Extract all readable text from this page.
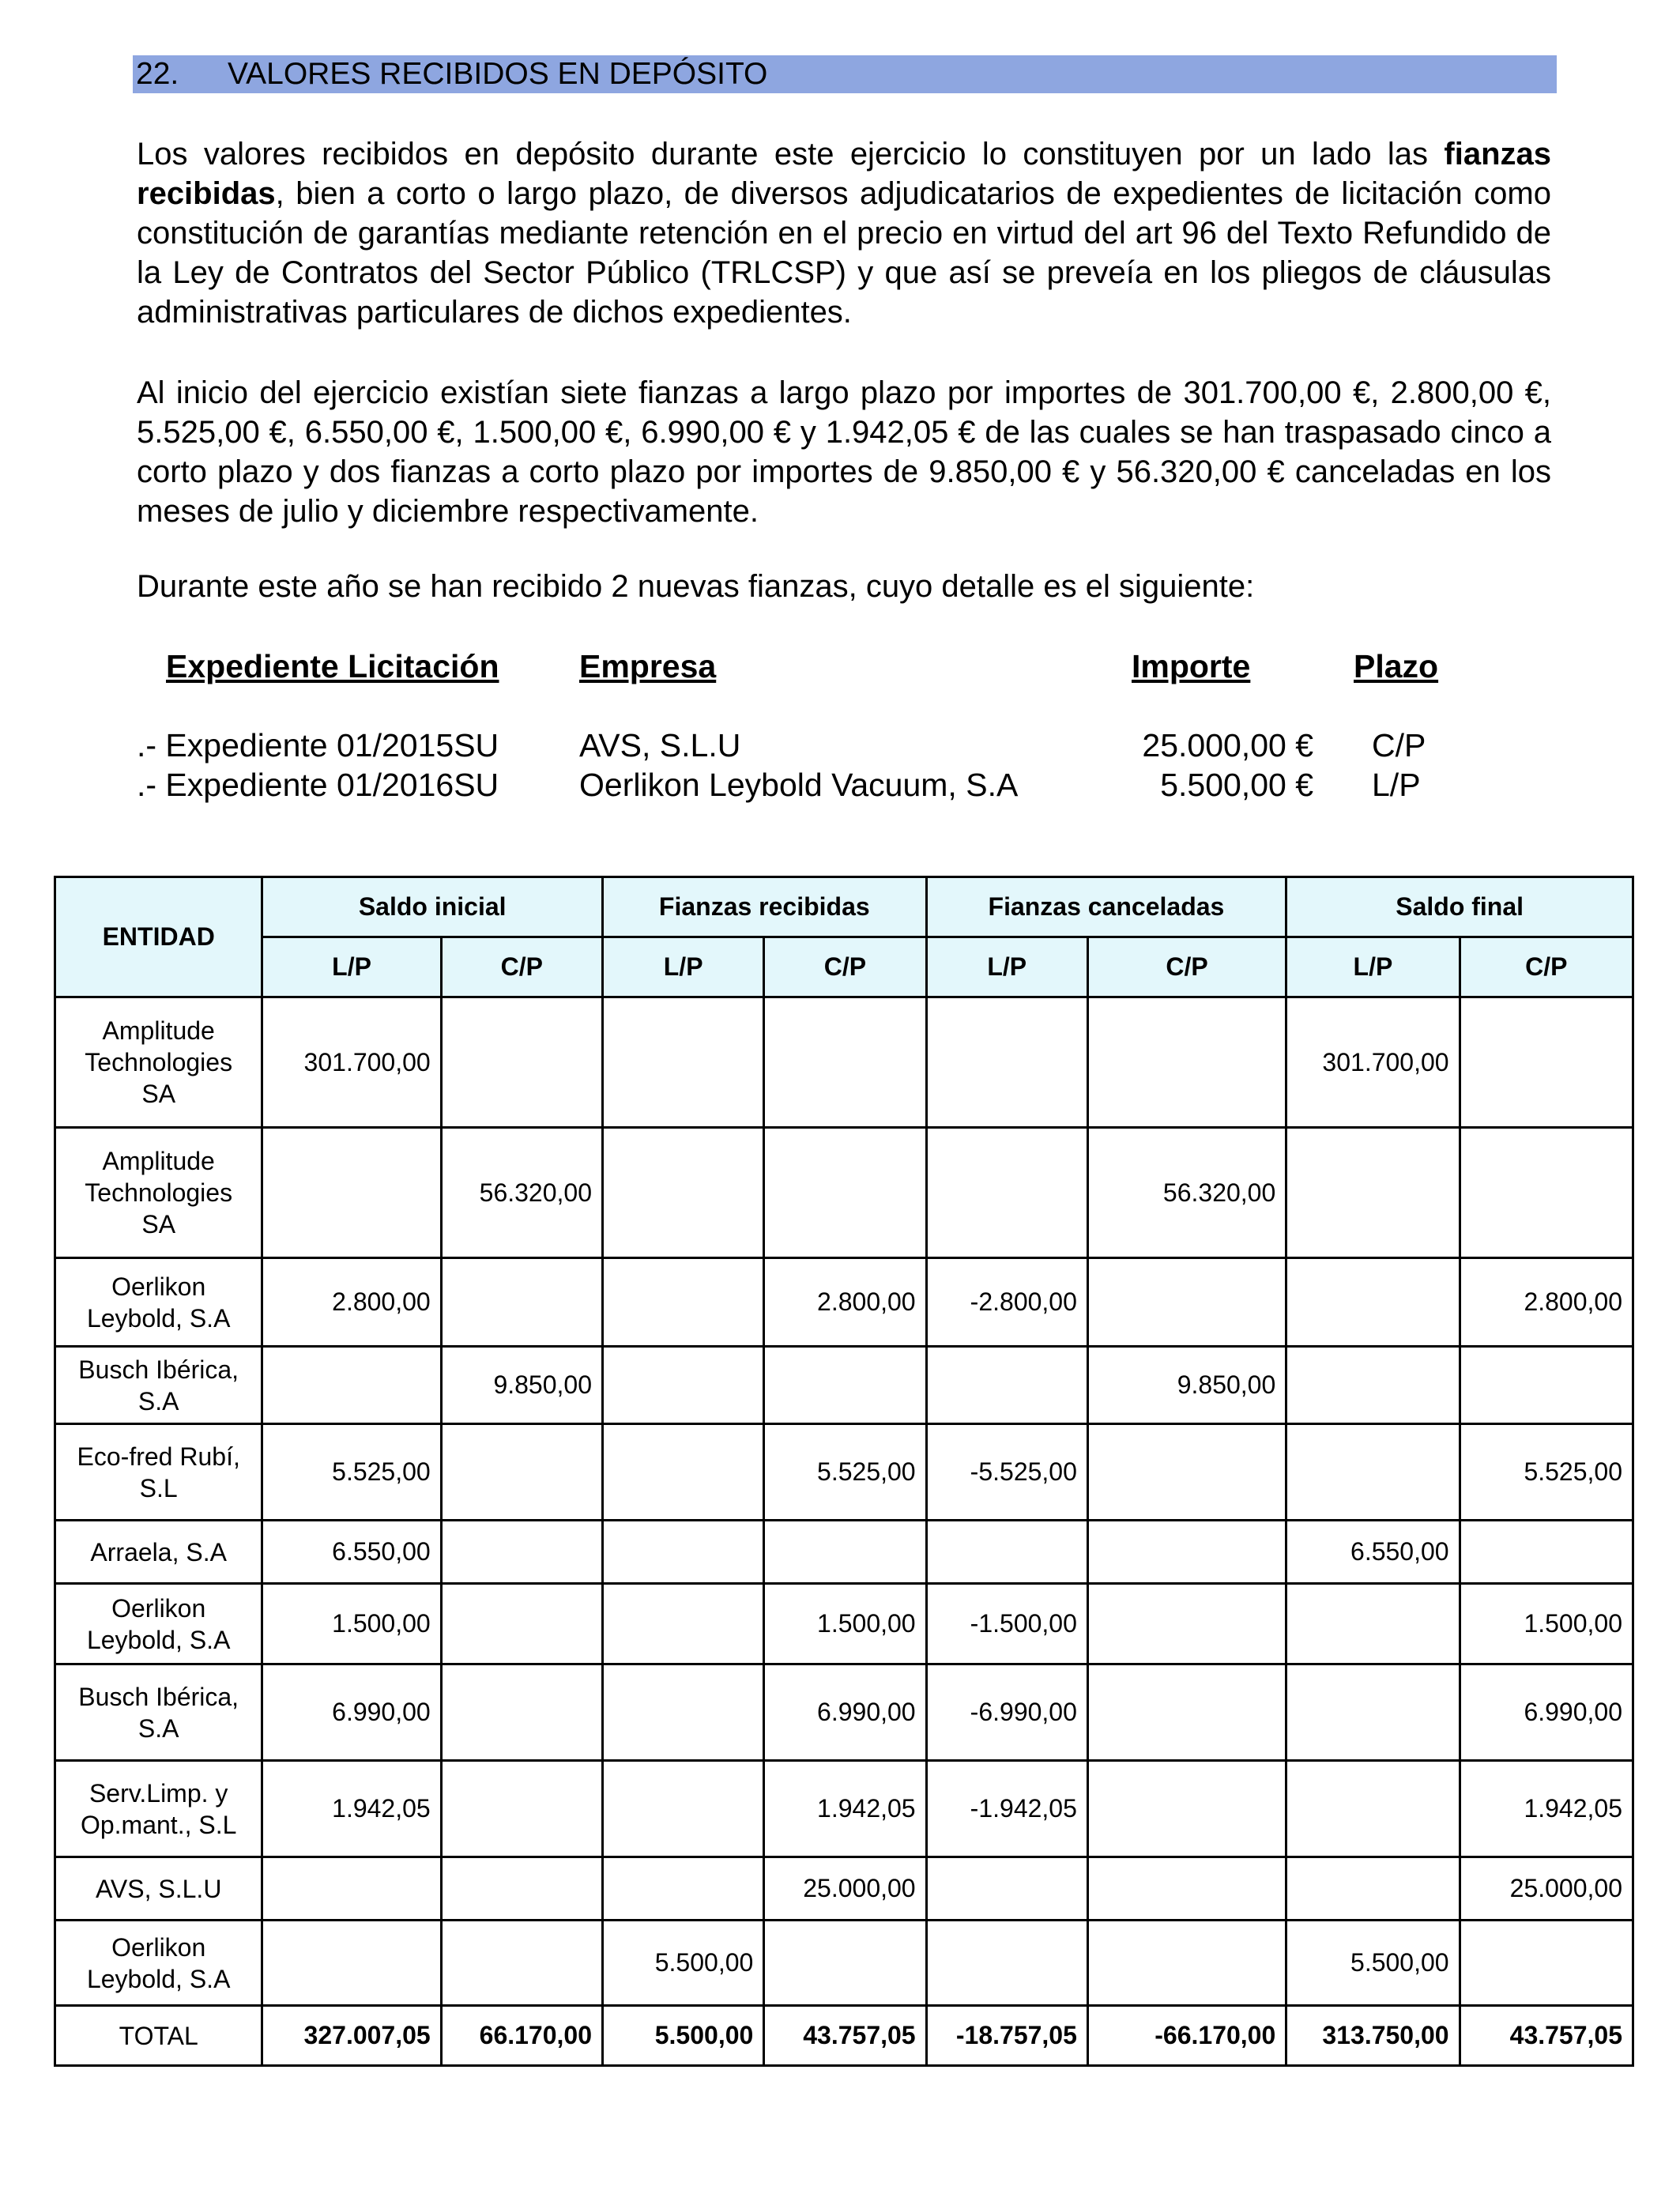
22. VALORES RECIBIDOS EN DEPÓSITO
Los valores recibidos en depósito durante este ejercicio lo constituyen por un lado las fianzas recibidas, bien a corto o largo plazo, de diversos adjudicatarios de expedientes de licitación como constitución de garantías mediante retención en el precio en virtud del art 96 del Texto Refundido de la Ley de Contratos del Sector Público (TRLCSP) y que así se preveía en los pliegos de cláusulas administrativas particulares de dichos expedientes.
Al inicio del ejercicio existían siete fianzas a largo plazo por importes de 301.700,00 €, 2.800,00 €, 5.525,00 €, 6.550,00 €, 1.500,00 €, 6.990,00 € y 1.942,05 € de las cuales se han traspasado cinco a corto plazo y dos fianzas a corto plazo por importes de 9.850,00 € y 56.320,00 € canceladas en los meses de julio y diciembre respectivamente.
Durante este año se han recibido 2 nuevas fianzas, cuyo detalle es el siguiente:
Expediente Licitación Empresa	Importe	Plazo
.- Expediente 01/2015SU AVS, S.L.U	25.000,00 € C/P
.- Expediente 01/2016SU Oerlikon Leybold Vacuum, S.A	5.500,00 € L/P
ENTIDAD	Saldo inicial		Fianzas recibidas		Fianzas canceladas		Saldo final	
	L/P	C/P	L/P	C/P	L/P	C/P	L/P	C/P
Amplitude
Technologies
SA	301.700,00						301.700,00	
Amplitude
Technologies
SA		56.320,00				56.320,00		
Oerlikon
Leybold, S.A	2.800,00			2.800,00	-2.800,00			2.800,00
Busch Ibérica,
S.A		9.850,00				9.850,00		
Eco-fred Rubí,
S.L	5.525,00			5.525,00	-5.525,00			5.525,00
Arraela, S.A	6.550,00						6.550,00	
Oerlikon
Leybold, S.A	1.500,00			1.500,00	-1.500,00			1.500,00
Busch Ibérica,
S.A	6.990,00			6.990,00	-6.990,00			6.990,00
Serv.Limp. y
Op.mant., S.L	1.942,05			1.942,05	-1.942,05			1.942,05
AVS, S.L.U				25.000,00				25.000,00
Oerlikon
Leybold, S.A			5.500,00				5.500,00	
TOTAL	327.007,05	66.170,00	5.500,00	43.757,05	-18.757,05	-66.170,00	313.750,00	43.757,05
